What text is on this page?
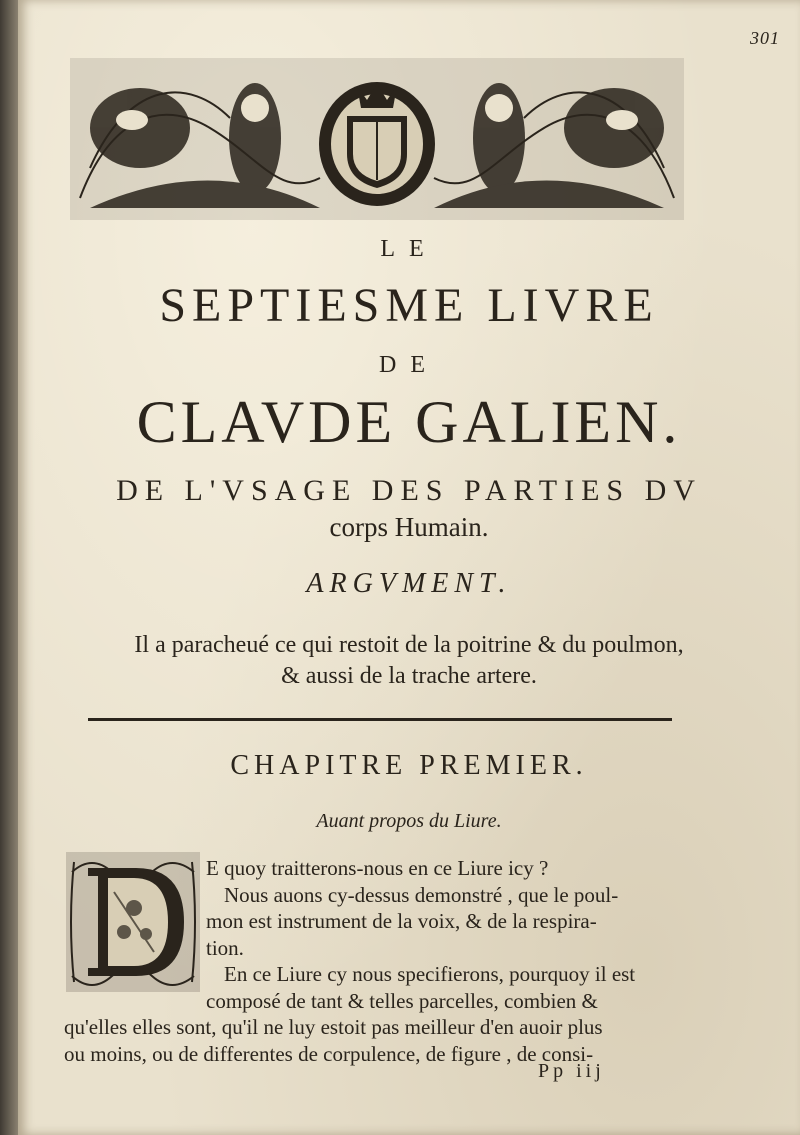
301
LE
SEPTIESME LIVRE
DE
CLAVDE GALIEN.
DE L'VSAGE DES PARTIES DV
corps Humain.
ARGVMENT.
Il a paracheué ce qui restoit de la poitrine & du poulmon,
& aussi de la trache artere.
CHAPITRE PREMIER.
Auant propos du Liure.
E quoy traitterons-nous en ce Liure icy ?
Nous auons cy-dessus demonstré , que le poul-
mon est instrument de la voix, & de la respira-
tion.
En ce Liure cy nous specifierons, pourquoy il est
composé de tant & telles parcelles, combien &
qu'elles elles sont, qu'il ne luy estoit pas meilleur d'en auoir plus
ou moins, ou de differentes de corpulence, de figure , de consi-
Pp iij
